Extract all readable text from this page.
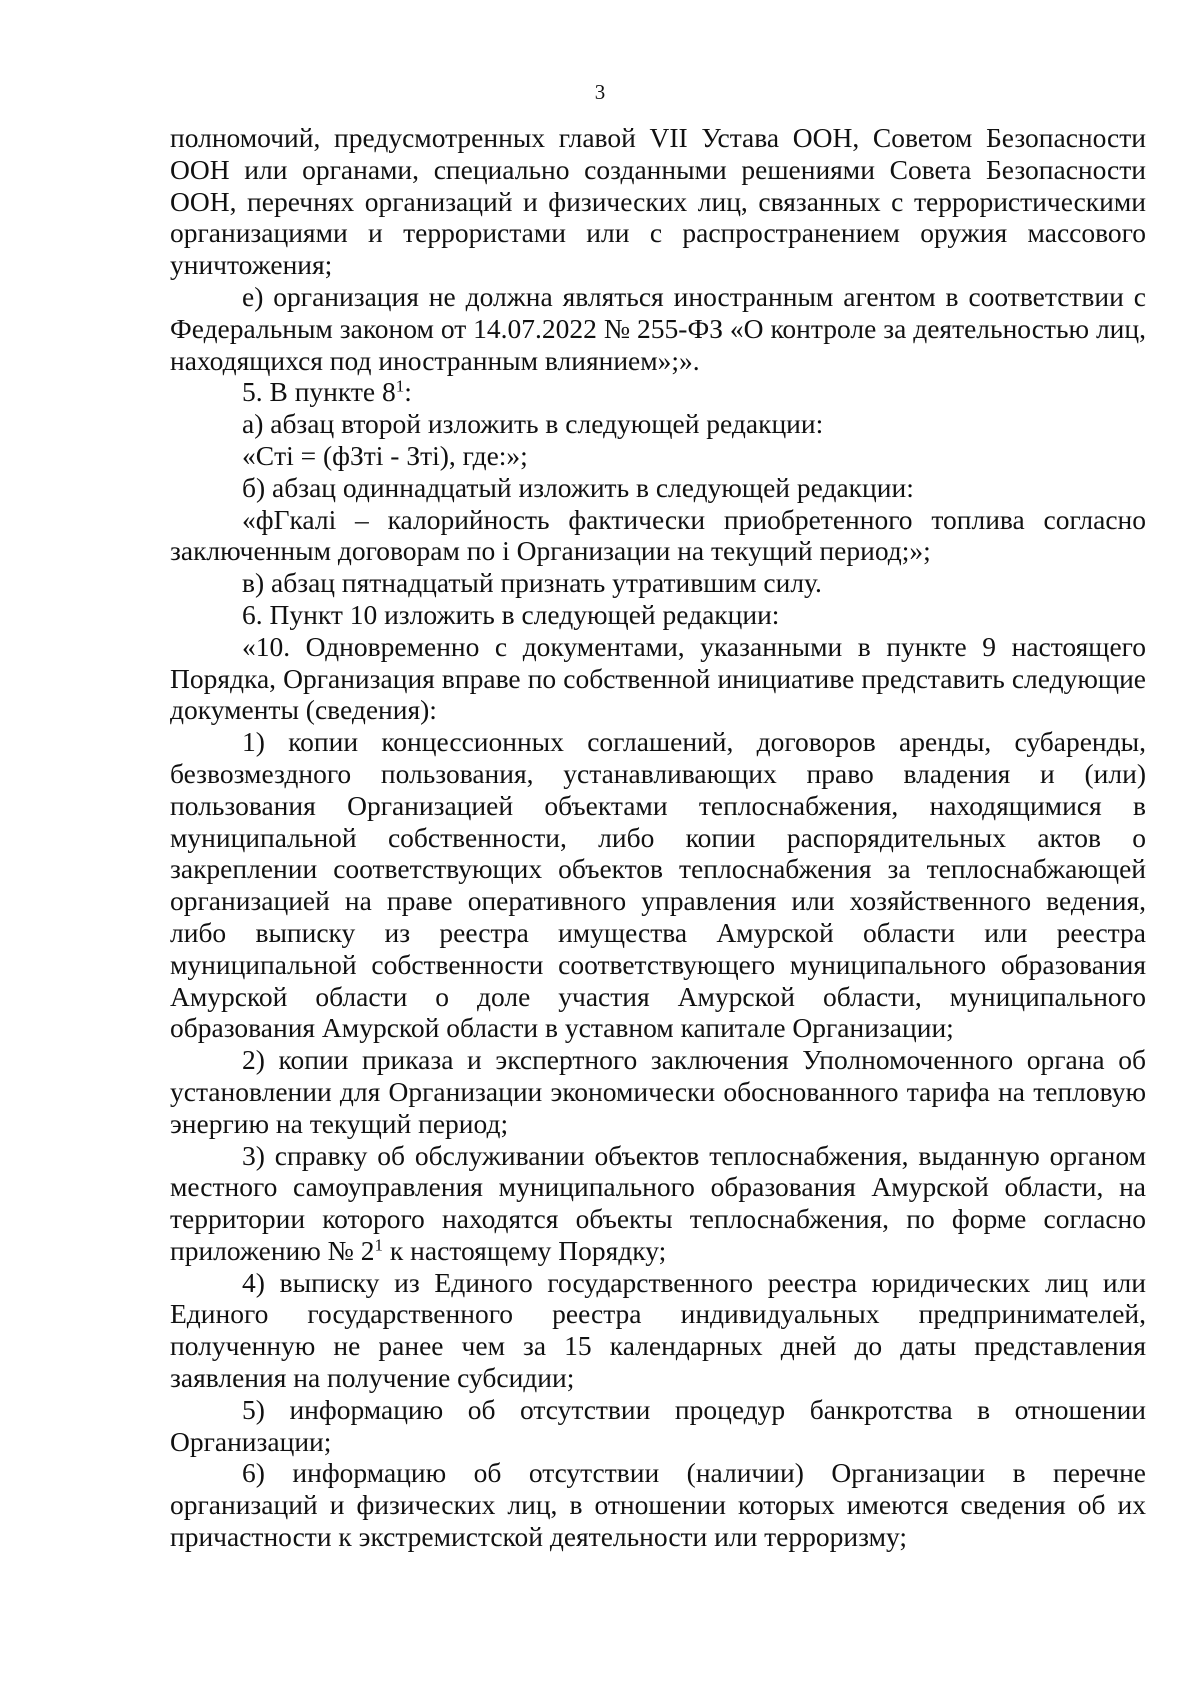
3

полномочий, предусмотренных главой VII Устава ООН, Советом Безопасности ООН или органами, специально созданными решениями Совета Безопасности ООН, перечнях организаций и физических лиц, связанных с террористическими организациями и террористами или с распространением оружия массового уничтожения;

е) организация не должна являться иностранным агентом в соответствии с Федеральным законом от 14.07.2022 № 255-ФЗ «О контроле за деятельностью лиц, находящихся под иностранным влиянием»;».

5. В пункте $8^1$:

а) абзац второй изложить в следующей редакции:

«Cтi = (фЗтi - Зтi), где:»;

б) абзац одиннадцатый изложить в следующей редакции:

«фГкалi – калорийность фактически приобретенного топлива согласно заключенным договорам по i Организации на текущий период;»;

в) абзац пятнадцатый признать утратившим силу.

6. Пункт 10 изложить в следующей редакции:

«10. Одновременно с документами, указанными в пункте 9 настоящего Порядка, Организация вправе по собственной инициативе представить следующие документы (сведения):

1) копии концессионных соглашений, договоров аренды, субаренды, безвозмездного пользования, устанавливающих право владения и (или) пользования Организацией объектами теплоснабжения, находящимися в муниципальной собственности, либо копии распорядительных актов о закреплении соответствующих объектов теплоснабжения за теплоснабжающей организацией на праве оперативного управления или хозяйственного ведения, либо выписку из реестра имущества Амурской области или реестра муниципальной собственности соответствующего муниципального образования Амурской области о доле участия Амурской области, муниципального образования Амурской области в уставном капитале Организации;

2) копии приказа и экспертного заключения Уполномоченного органа об установлении для Организации экономически обоснованного тарифа на тепловую энергию на текущий период;

3) справку об обслуживании объектов теплоснабжения, выданную органом местного самоуправления муниципального образования Амурской области, на территории которого находятся объекты теплоснабжения, по форме согласно приложению № $2^1$ к настоящему Порядку;

4) выписку из Единого государственного реестра юридических лиц или Единого государственного реестра индивидуальных предпринимателей, полученную не ранее чем за 15 календарных дней до даты представления заявления на получение субсидии;

5) информацию об отсутствии процедур банкротства в отношении Организации;

6) информацию об отсутствии (наличии) Организации в перечне организаций и физических лиц, в отношении которых имеются сведения об их причастности к экстремистской деятельности или терроризму;
